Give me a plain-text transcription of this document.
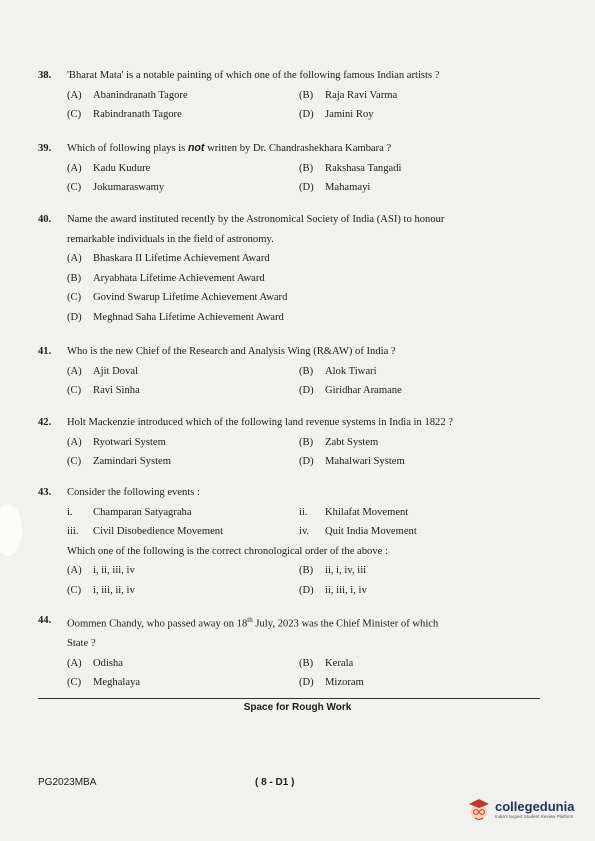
38.	'Bharat Mata' is a notable painting of which one of the following famous Indian artists ?
(A)	Abanindranath Tagore	(B)	Raja Ravi Varma
(C)	Rabindranath Tagore	(D)	Jamini Roy
39.	Which of following plays is not written by Dr. Chandrashekhara Kambara ?
(A)	Kadu Kudure	(B)	Rakshasa Tangadi
(C)	Jokumaraswamy	(D)	Mahamayi
40.	Name the award instituted recently by the Astronomical Society of India (ASI) to honour
remarkable individuals in the field of astronomy.
(A)	Bhaskara II Lifetime Achievement Award
(B)	Aryabhata Lifetime Achievement Award
(C)	Govind Swarup Lifetime Achievement Award
(D)	Meghnad Saha Lifetime Achievement Award
41.	Who is the new Chief of the Research and Analysis Wing (R&AW) of India ?
(A)	Ajit Doval	(B)	Alok Tiwari
(C)	Ravi Sinha	(D)	Giridhar Aramane
42.	Holt Mackenzie introduced which of the following land revenue systems in India in 1822 ?
(A)	Ryotwari System	(B)	Zabt System
(C)	Zamindari System	(D)	Mahalwari System
43.	Consider the following events :
i.	Champaran Satyagraha	ii.	Khilafat Movement
iii.	Civil Disobedience Movement	iv.	Quit India Movement
Which one of the following is the correct chronological order of the above :
(A)	i, ii, iii, iv	(B)	ii, i, iv, iii
(C)	i, iii, ii, iv	(D)	ii, iii, i, iv
44.	Oommen Chandy, who passed away on 18th July, 2023 was the Chief Minister of which
State ?
(A)	Odisha	(B)	Kerala
(C)	Meghalaya	(D)	Mizoram
Space for Rough Work
PG2023MBA	( 8 - D1 )
collegedunia
India's largest Student Review Platform
